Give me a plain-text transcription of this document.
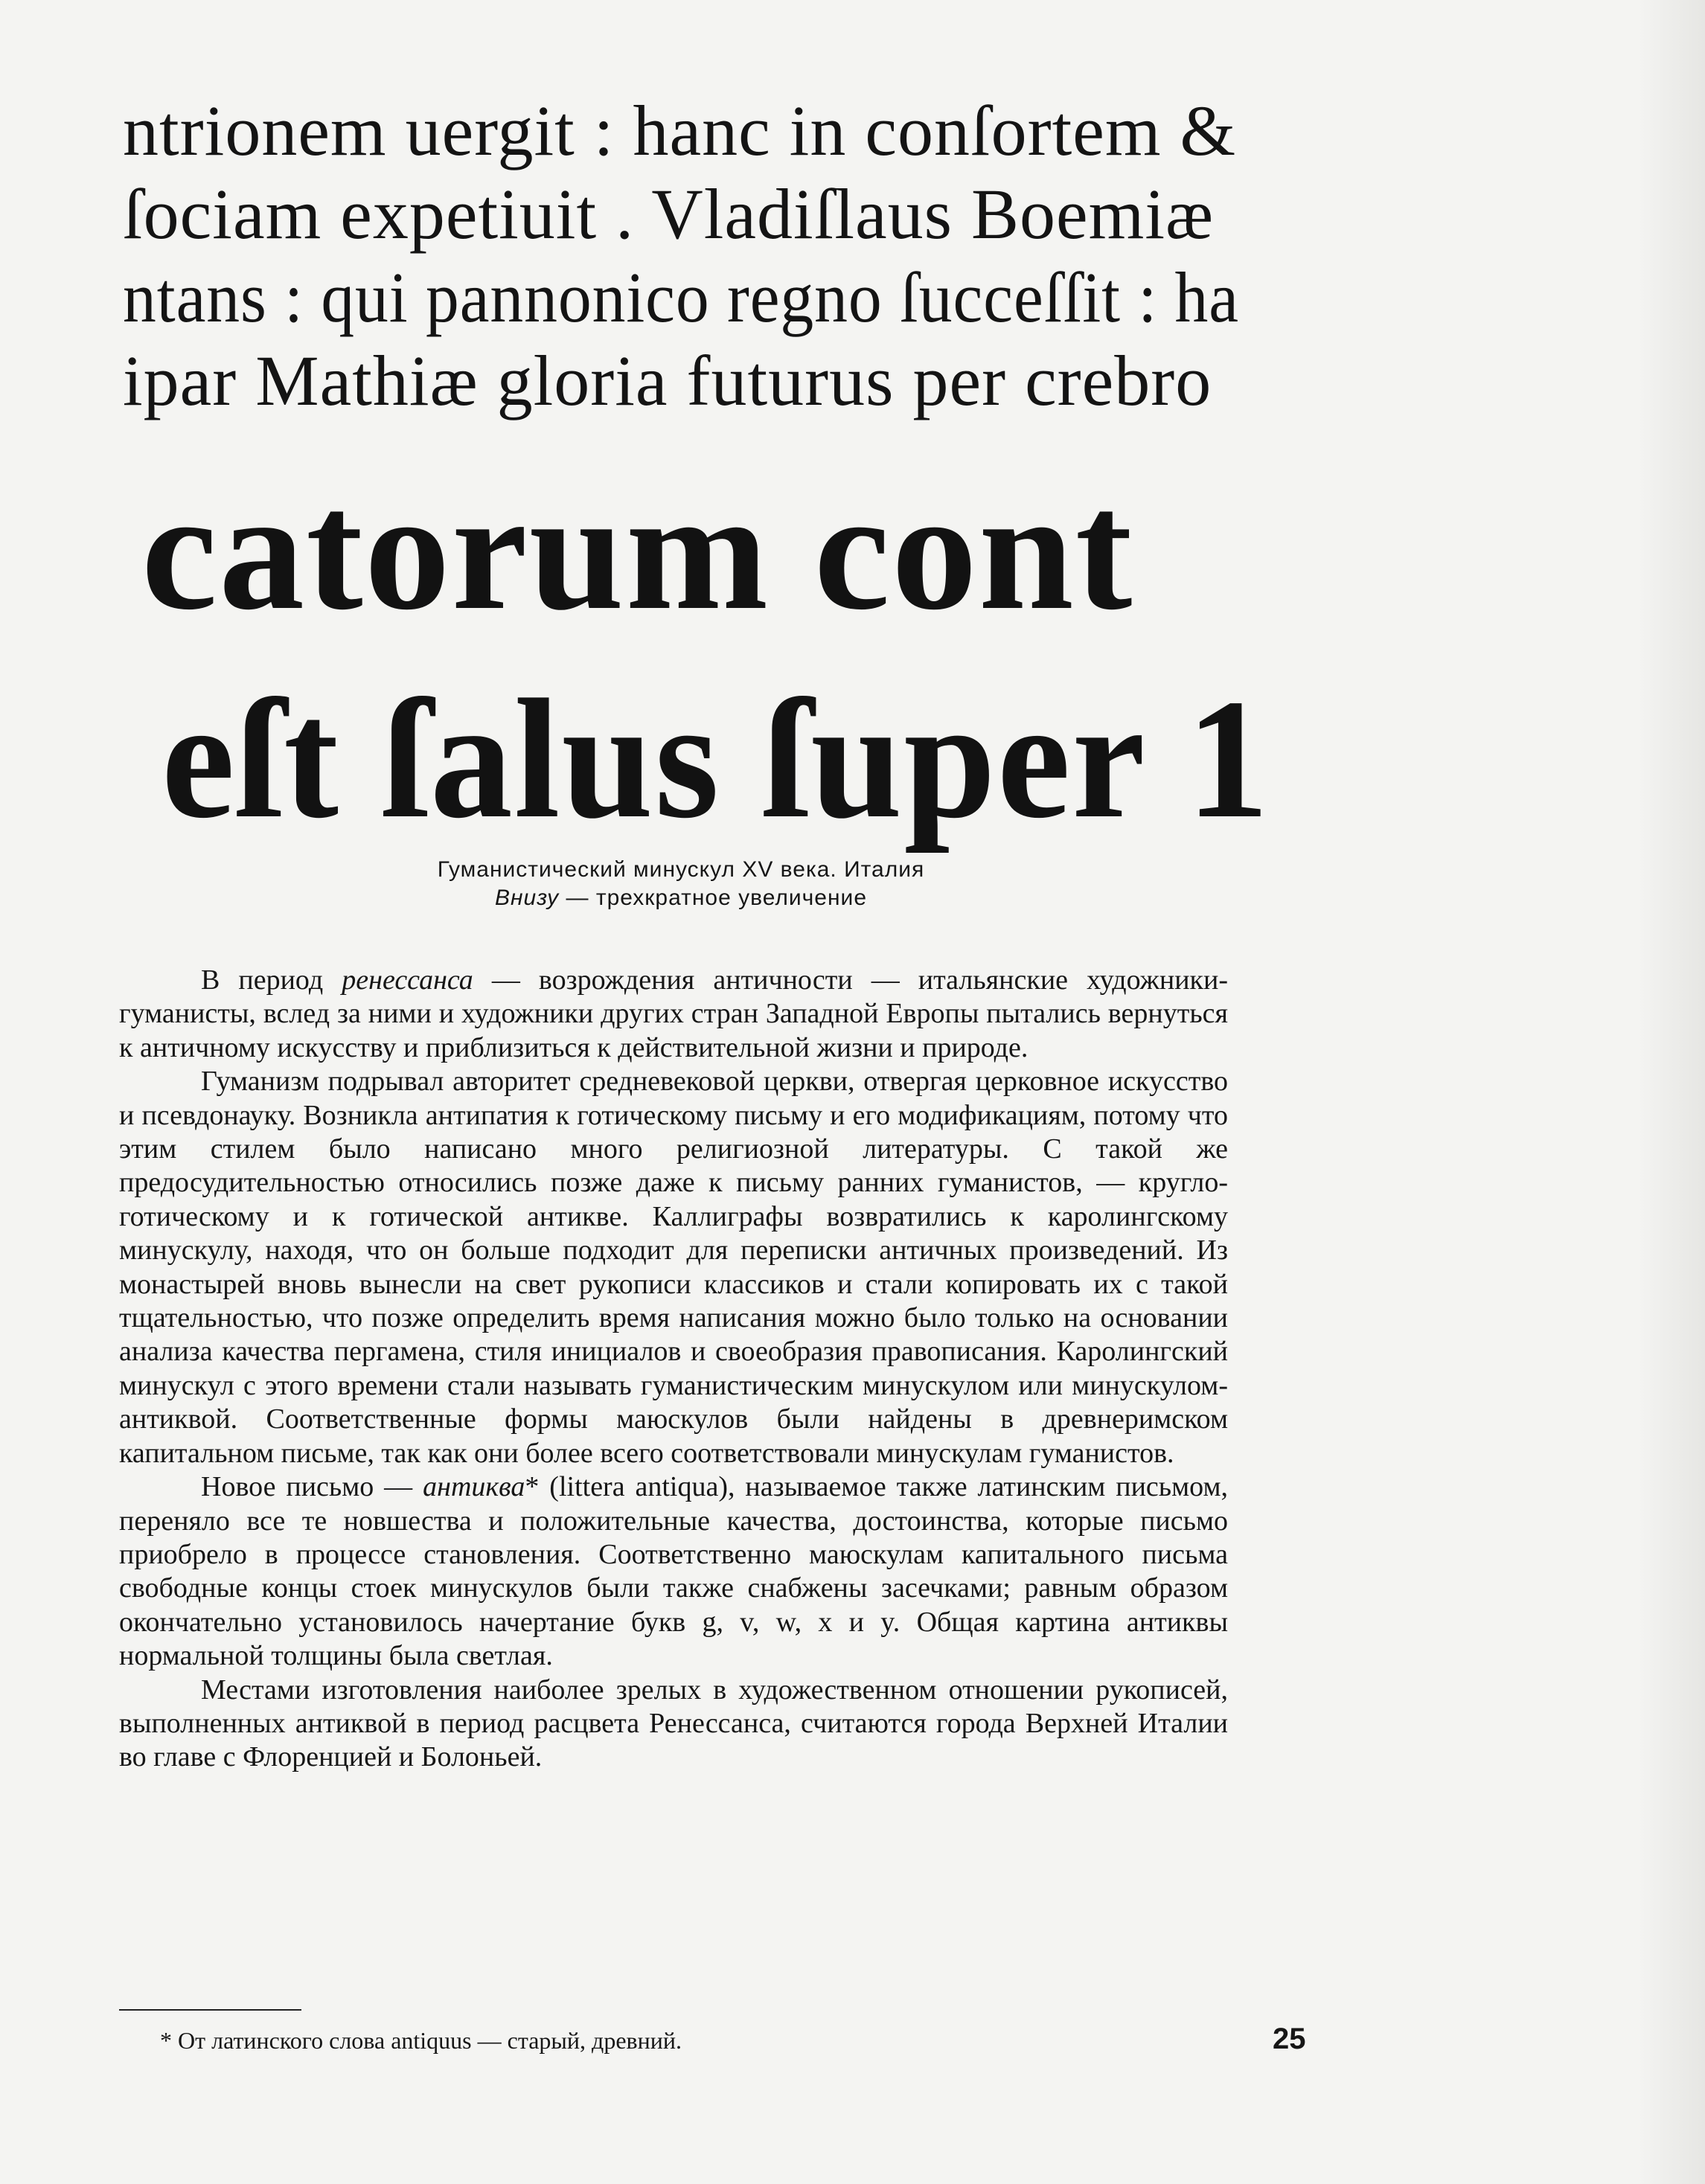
ntrionem uergit : hanc in conſortem &
ſociam expetiuit . Vladiſlaus Boemiæ
ntans : qui pannonico regno ſucceſſit : ha
ipar Mathiæ gloria futurus per crebro
catorum cont
eſt ſalus ſuper 1
Гуманистический минускул XV века. Италия
Внизу — трехкратное увеличение

В период ренессанса — возрождения античности — итальянские художники-гуманисты, вслед за ними и художники других стран Западной Европы пытались вернуться к античному искусству и приблизиться к действительной жизни и природе.

Гуманизм подрывал авторитет средневековой церкви, отвергая церковное искусство и псевдонауку. Возникла антипатия к готическому письму и его модификациям, потому что этим стилем было написано много религиозной литературы. С такой же предосудительностью относились позже даже к письму ранних гуманистов, — кругло-готическому и к готической антикве. Каллиграфы возвратились к каролингскому минускулу, находя, что он больше подходит для переписки античных произведений. Из монастырей вновь вынесли на свет рукописи классиков и стали копировать их с такой тщательностью, что позже определить время написания можно было только на основании анализа качества пергамена, стиля инициалов и своеобразия правописания. Каролингский минускул с этого времени стали называть гуманистическим минускулом или минускулом-антиквой. Соответственные формы маюскулов были найдены в древнеримском капитальном письме, так как они более всего соответствовали минускулам гуманистов.

Новое письмо — антиква* (littera antiqua), называемое также латинским письмом, переняло все те новшества и положительные качества, достоинства, которые письмо приобрело в процессе становления. Соответственно маюскулам капитального письма свободные концы стоек минускулов были также снабжены засечками; равным образом окончательно установилось начертание букв g, v, w, x и y. Общая картина антиквы нормальной толщины была светлая.

Местами изготовления наиболее зрелых в художественном отношении рукописей, выполненных антиквой в период расцвета Ренессанса, считаются города Верхней Италии во главе с Флоренцией и Болоньей.

* От латинского слова antiquus — старый, древний.	25
